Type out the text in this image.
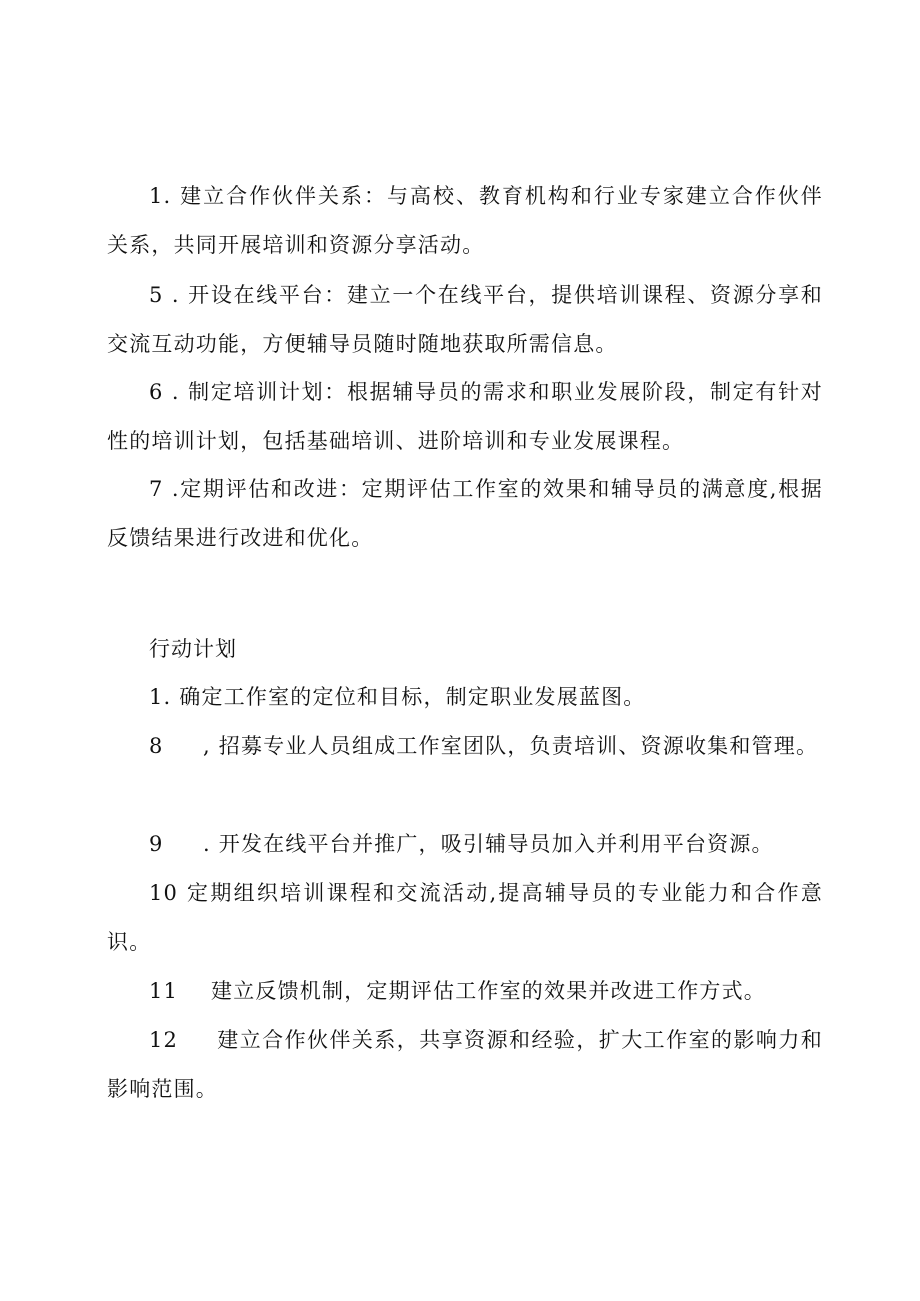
1. 建立合作伙伴关系：与高校、教育机构和行业专家建立合作伙伴关系，共同开展培训和资源分享活动。

5 . 开设在线平台：建立一个在线平台，提供培训课程、资源分享和交流互动功能，方便辅导员随时随地获取所需信息。

6 . 制定培训计划：根据辅导员的需求和职业发展阶段，制定有针对性的培训计划，包括基础培训、进阶培训和专业发展课程。

7 .定期评估和改进：定期评估工作室的效果和辅导员的满意度,根据反馈结果进行改进和优化。

行动计划

1. 确定工作室的定位和目标，制定职业发展蓝图。

8 , 招募专业人员组成工作室团队，负责培训、资源收集和管理。

9 . 开发在线平台并推广，吸引辅导员加入并利用平台资源。

10 定期组织培训课程和交流活动,提高辅导员的专业能力和合作意识。

11 建立反馈机制，定期评估工作室的效果并改进工作方式。

12 建立合作伙伴关系，共享资源和经验，扩大工作室的影响力和影响范围。
